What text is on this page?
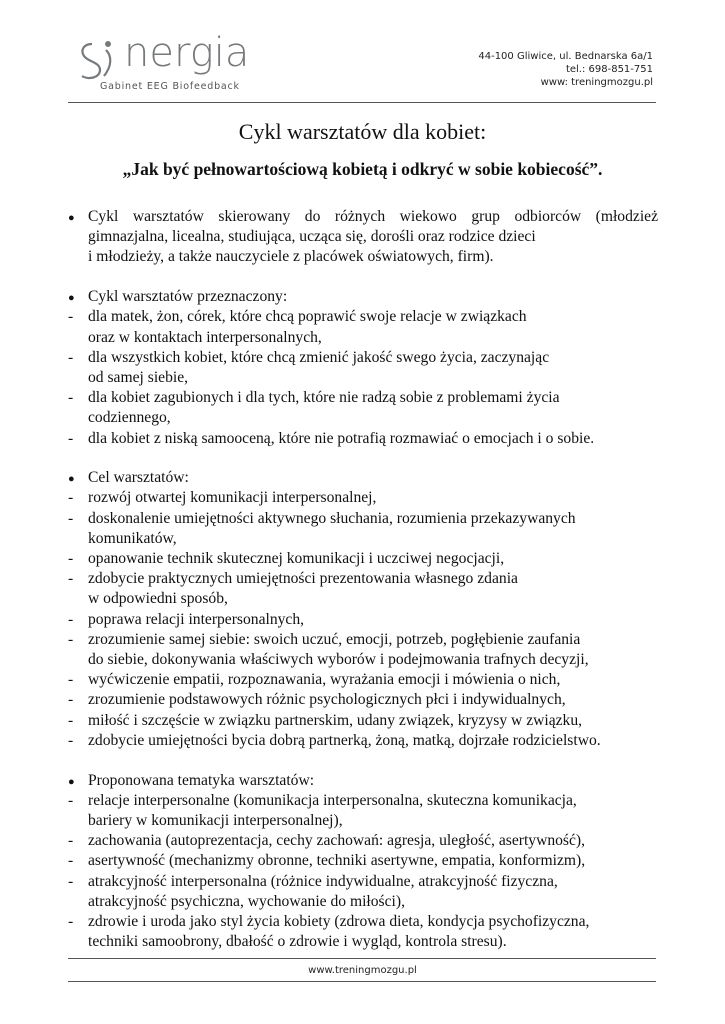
nergia
Gabinet EEG Biofeedback
44-100 Gliwice, ul. Bednarska 6a/1
tel.: 698-851-751
www: treningmozgu.pl
Cykl warsztatów dla kobiet:
„Jak być pełnowartościową kobietą i odkryć w sobie kobiecość”.
● Cykl warsztatów skierowany do różnych wiekowo grup odbiorców (młodzież
gimnazjalna, licealna, studiująca, ucząca się, dorośli oraz rodzice dzieci
i młodzieży, a także nauczyciele z placówek oświatowych, firm).
● Cykl warsztatów przeznaczony:
- dla matek, żon, córek, które chcą poprawić swoje relacje w związkach
oraz w kontaktach interpersonalnych,
- dla wszystkich kobiet, które chcą zmienić jakość swego życia, zaczynając
od samej siebie,
- dla kobiet zagubionych i dla tych, które nie radzą sobie z problemami życia
codziennego,
- dla kobiet z niską samooceną, które nie potrafią rozmawiać o emocjach i o sobie.
● Cel warsztatów:
- rozwój otwartej komunikacji interpersonalnej,
- doskonalenie umiejętności aktywnego słuchania, rozumienia przekazywanych
komunikatów,
- opanowanie technik skutecznej komunikacji i uczciwej negocjacji,
- zdobycie praktycznych umiejętności prezentowania własnego zdania
w odpowiedni sposób,
- poprawa relacji interpersonalnych,
- zrozumienie samej siebie: swoich uczuć, emocji, potrzeb, pogłębienie zaufania
do siebie, dokonywania właściwych wyborów i podejmowania trafnych decyzji,
- wyćwiczenie empatii, rozpoznawania, wyrażania emocji i mówienia o nich,
- zrozumienie podstawowych różnic psychologicznych płci i indywidualnych,
- miłość i szczęście w związku partnerskim, udany związek, kryzysy w związku,
- zdobycie umiejętności bycia dobrą partnerką, żoną, matką, dojrzałe rodzicielstwo.
● Proponowana tematyka warsztatów:
- relacje interpersonalne (komunikacja interpersonalna, skuteczna komunikacja,
bariery w komunikacji interpersonalnej),
- zachowania (autoprezentacja, cechy zachowań: agresja, uległość, asertywność),
- asertywność (mechanizmy obronne, techniki asertywne, empatia, konformizm),
- atrakcyjność interpersonalna (różnice indywidualne, atrakcyjność fizyczna,
atrakcyjność psychiczna, wychowanie do miłości),
- zdrowie i uroda jako styl życia kobiety (zdrowa dieta, kondycja psychofizyczna,
techniki samoobrony, dbałość o zdrowie i wygląd, kontrola stresu).
www.treningmozgu.pl
